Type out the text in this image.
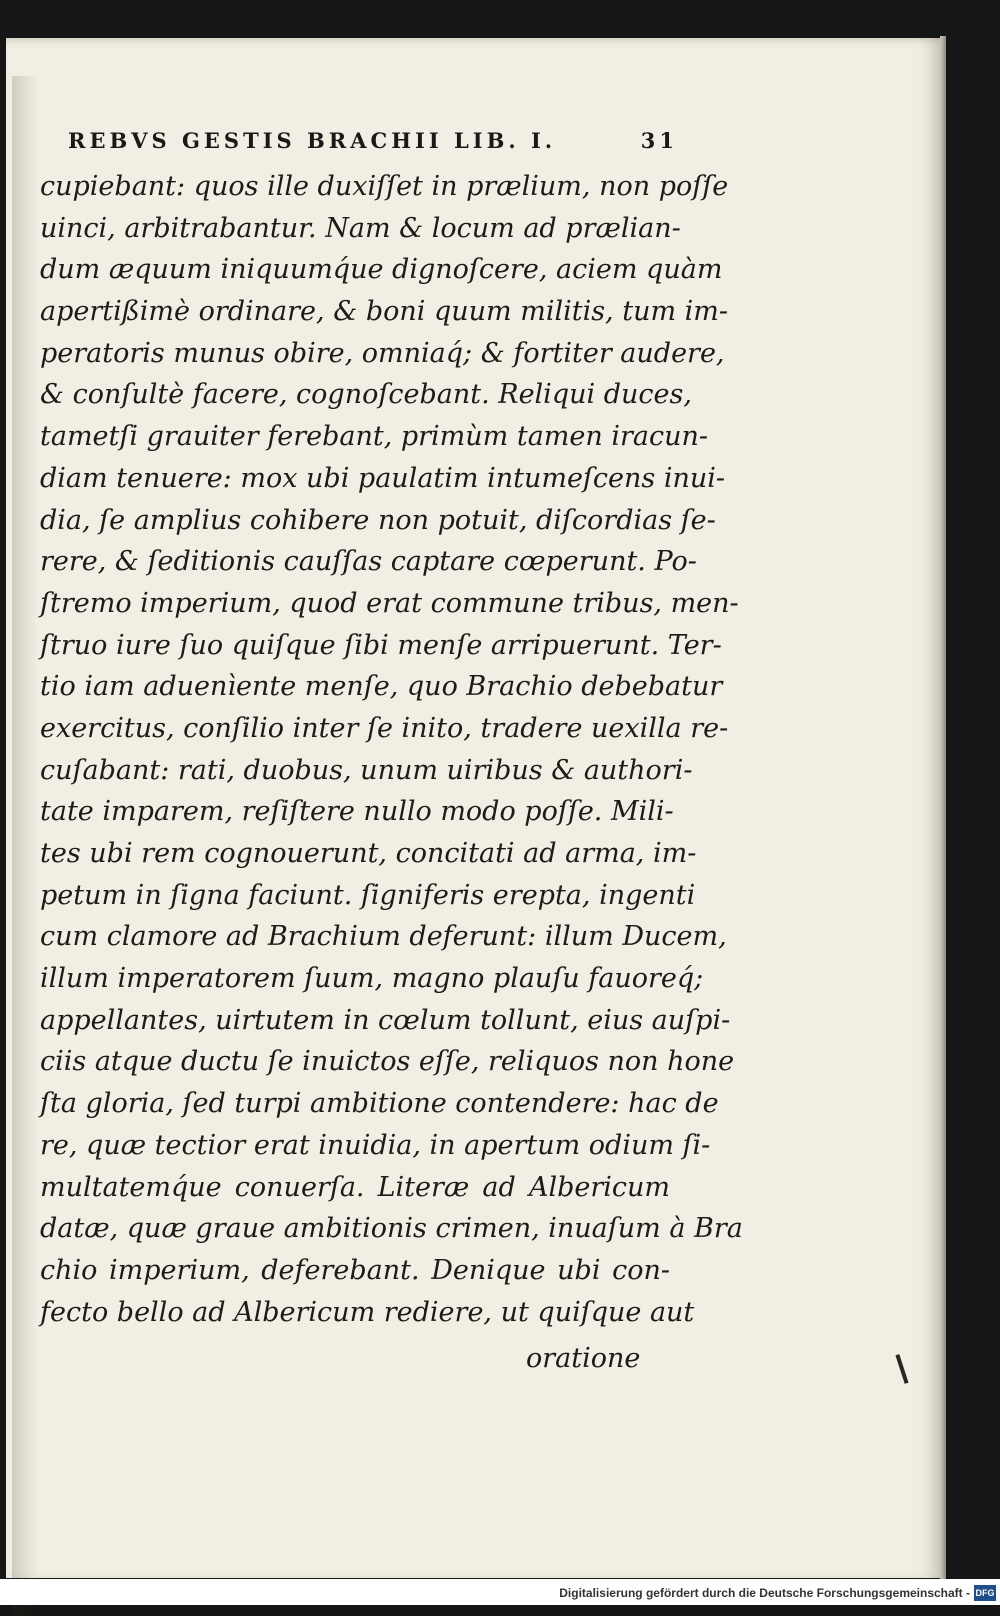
REBVS GESTIS BRACHII LIB. I.	31
cupiebant: quos ille duxiſſet in prælium, non poſſe
uinci, arbitrabantur. Nam & locum ad prælian-
dum æquum iniquumq́ue dignoſcere, aciem quàm
apertißimè ordinare, & boni quum militis, tum im-
peratoris munus obire, omniaq́; & fortiter audere,
& conſultè facere, cognoſcebant. Reliqui duces,
tametſi grauiter ferebant, primùm tamen iracun-
diam tenuere: mox ubi paulatim intumeſcens inui-
dia, ſe amplius cohibere non potuit, diſcordias ſe-
rere, & ſeditionis cauſſas captare cœperunt. Po-
ſtremo imperium, quod erat commune tribus, men-
ſtruo iure ſuo quiſque ſibi menſe arripuerunt. Ter-
tio iam aduenìente menſe, quo Brachio debebatur
exercitus, conſilio inter ſe inito, tradere uexilla re-
cuſabant: rati, duobus, unum uiribus & authori-
tate imparem, reſiſtere nullo modo poſſe. Mili-
tes ubi rem cognouerunt, concitati ad arma, im-
petum in ſigna faciunt. ſigniferis erepta, ingenti
cum clamore ad Brachium deferunt: illum Ducem,
illum imperatorem ſuum, magno plauſu fauoreq́;
appellantes, uirtutem in cœlum tollunt, eius auſpi-
ciis atque ductu ſe inuictos eſſe, reliquos non hone
ſta gloria, ſed turpi ambitione contendere: hac de
re, quæ tectior erat inuidia, in apertum odium ſi-
multatemq́ue conuerſa. Literæ ad Albericum
datæ, quæ graue ambitionis crimen, inuaſum à Bra
chio imperium, deferebant. Denique ubi con-
fecto bello ad Albericum rediere, ut quiſque aut
oratione
Digitalisierung gefördert durch die Deutsche Forschungsgemeinschaft - DFG
